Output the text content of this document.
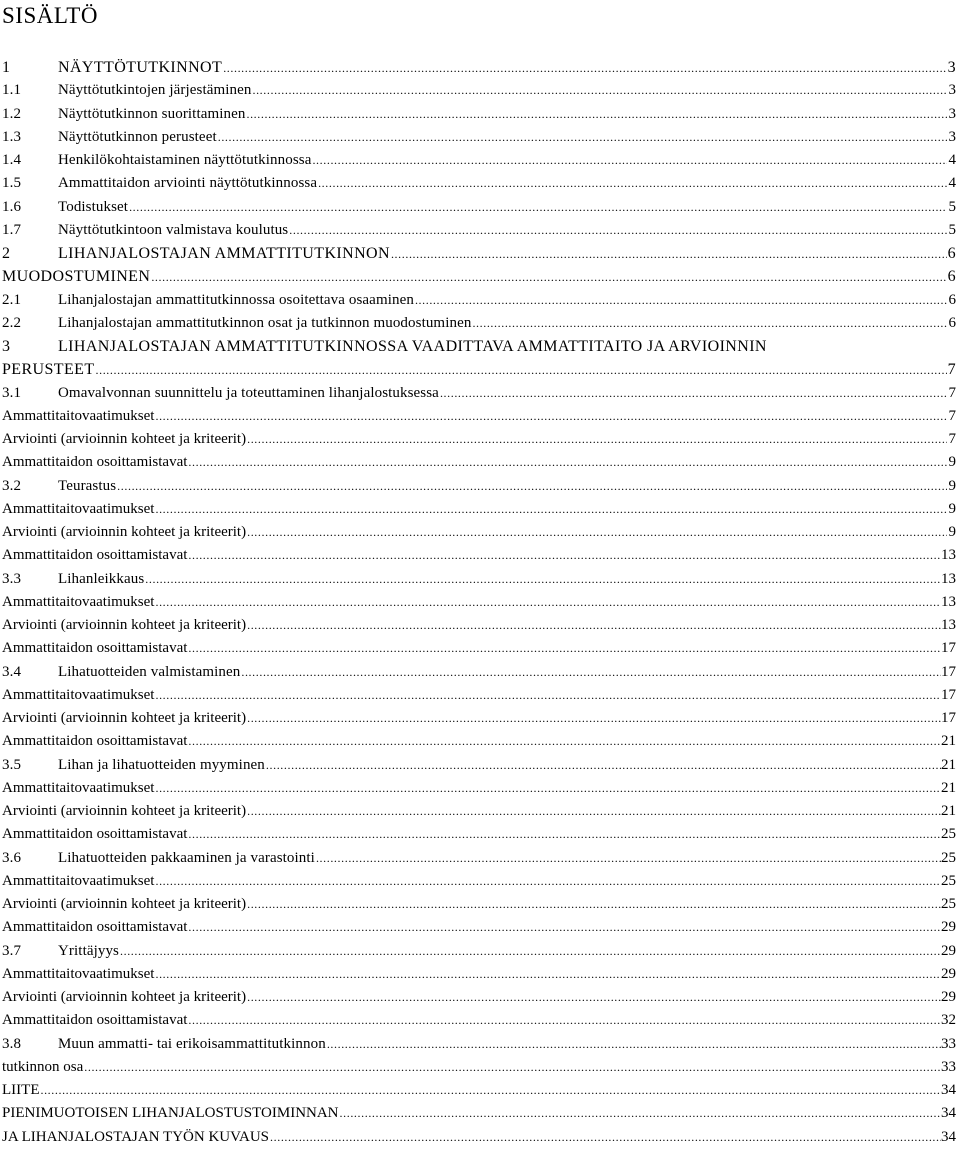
SISÄLTÖ
1	NÄYTTÖTUTKINNOT .....	3
1.1	Näyttötutkintojen järjestäminen .....	3
1.2	Näyttötutkinnon suorittaminen .....	3
1.3	Näyttötutkinnon perusteet .....	3
1.4	Henkilökohtaistaminen näyttötutkinnossa .....	4
1.5	Ammattitaidon arviointi näyttötutkinnossa .....	4
1.6	Todistukset .....	5
1.7	Näyttötutkintoon valmistava koulutus .....	5
2	LIHANJALOSTAJAN AMMATTITUTKINNON .....	6
MUODOSTUMINEN .....	6
2.1	Lihanjalostajan ammattitutkinnossa osoitettava osaaminen .....	6
2.2	Lihanjalostajan ammattitutkinnon osat ja tutkinnon muodostuminen .....	6
3	LIHANJALOSTAJAN AMMATTITUTKINNOSSA VAADITTAVA AMMATTITAITO JA ARVIOINNIN
PERUSTEET .....	7
3.1	Omavalvonnan suunnittelu ja toteuttaminen lihanjalostuksessa .....	7
Ammattitaitovaatimukset .....	7
Arviointi (arvioinnin kohteet ja kriteerit) .....	7
Ammattitaidon osoittamistavat .....	9
3.2	Teurastus .....	9
Ammattitaitovaatimukset .....	9
Arviointi (arvioinnin kohteet ja kriteerit) .....	9
Ammattitaidon osoittamistavat .....	13
3.3	Lihanleikkaus .....	13
Ammattitaitovaatimukset .....	13
Arviointi (arvioinnin kohteet ja kriteerit) .....	13
Ammattitaidon osoittamistavat .....	17
3.4	Lihatuotteiden valmistaminen .....	17
Ammattitaitovaatimukset .....	17
Arviointi (arvioinnin kohteet ja kriteerit) .....	17
Ammattitaidon osoittamistavat .....	21
3.5	Lihan ja lihatuotteiden myyminen .....	21
Ammattitaitovaatimukset .....	21
Arviointi (arvioinnin kohteet ja kriteerit) .....	21
Ammattitaidon osoittamistavat .....	25
3.6	Lihatuotteiden pakkaaminen ja varastointi .....	25
Ammattitaitovaatimukset .....	25
Arviointi (arvioinnin kohteet ja kriteerit) .....	25
Ammattitaidon osoittamistavat .....	29
3.7	Yrittäjyys .....	29
Ammattitaitovaatimukset .....	29
Arviointi (arvioinnin kohteet ja kriteerit) .....	29
Ammattitaidon osoittamistavat .....	32
3.8	Muun ammatti- tai erikoisammattitutkinnon .....	33
tutkinnon osa .....	33
LIITE .....	34
PIENIMUOTOISEN LIHANJALOSTUSTOIMINNAN .....	34
JA LIHANJALOSTAJAN TYÖN KUVAUS .....	34
